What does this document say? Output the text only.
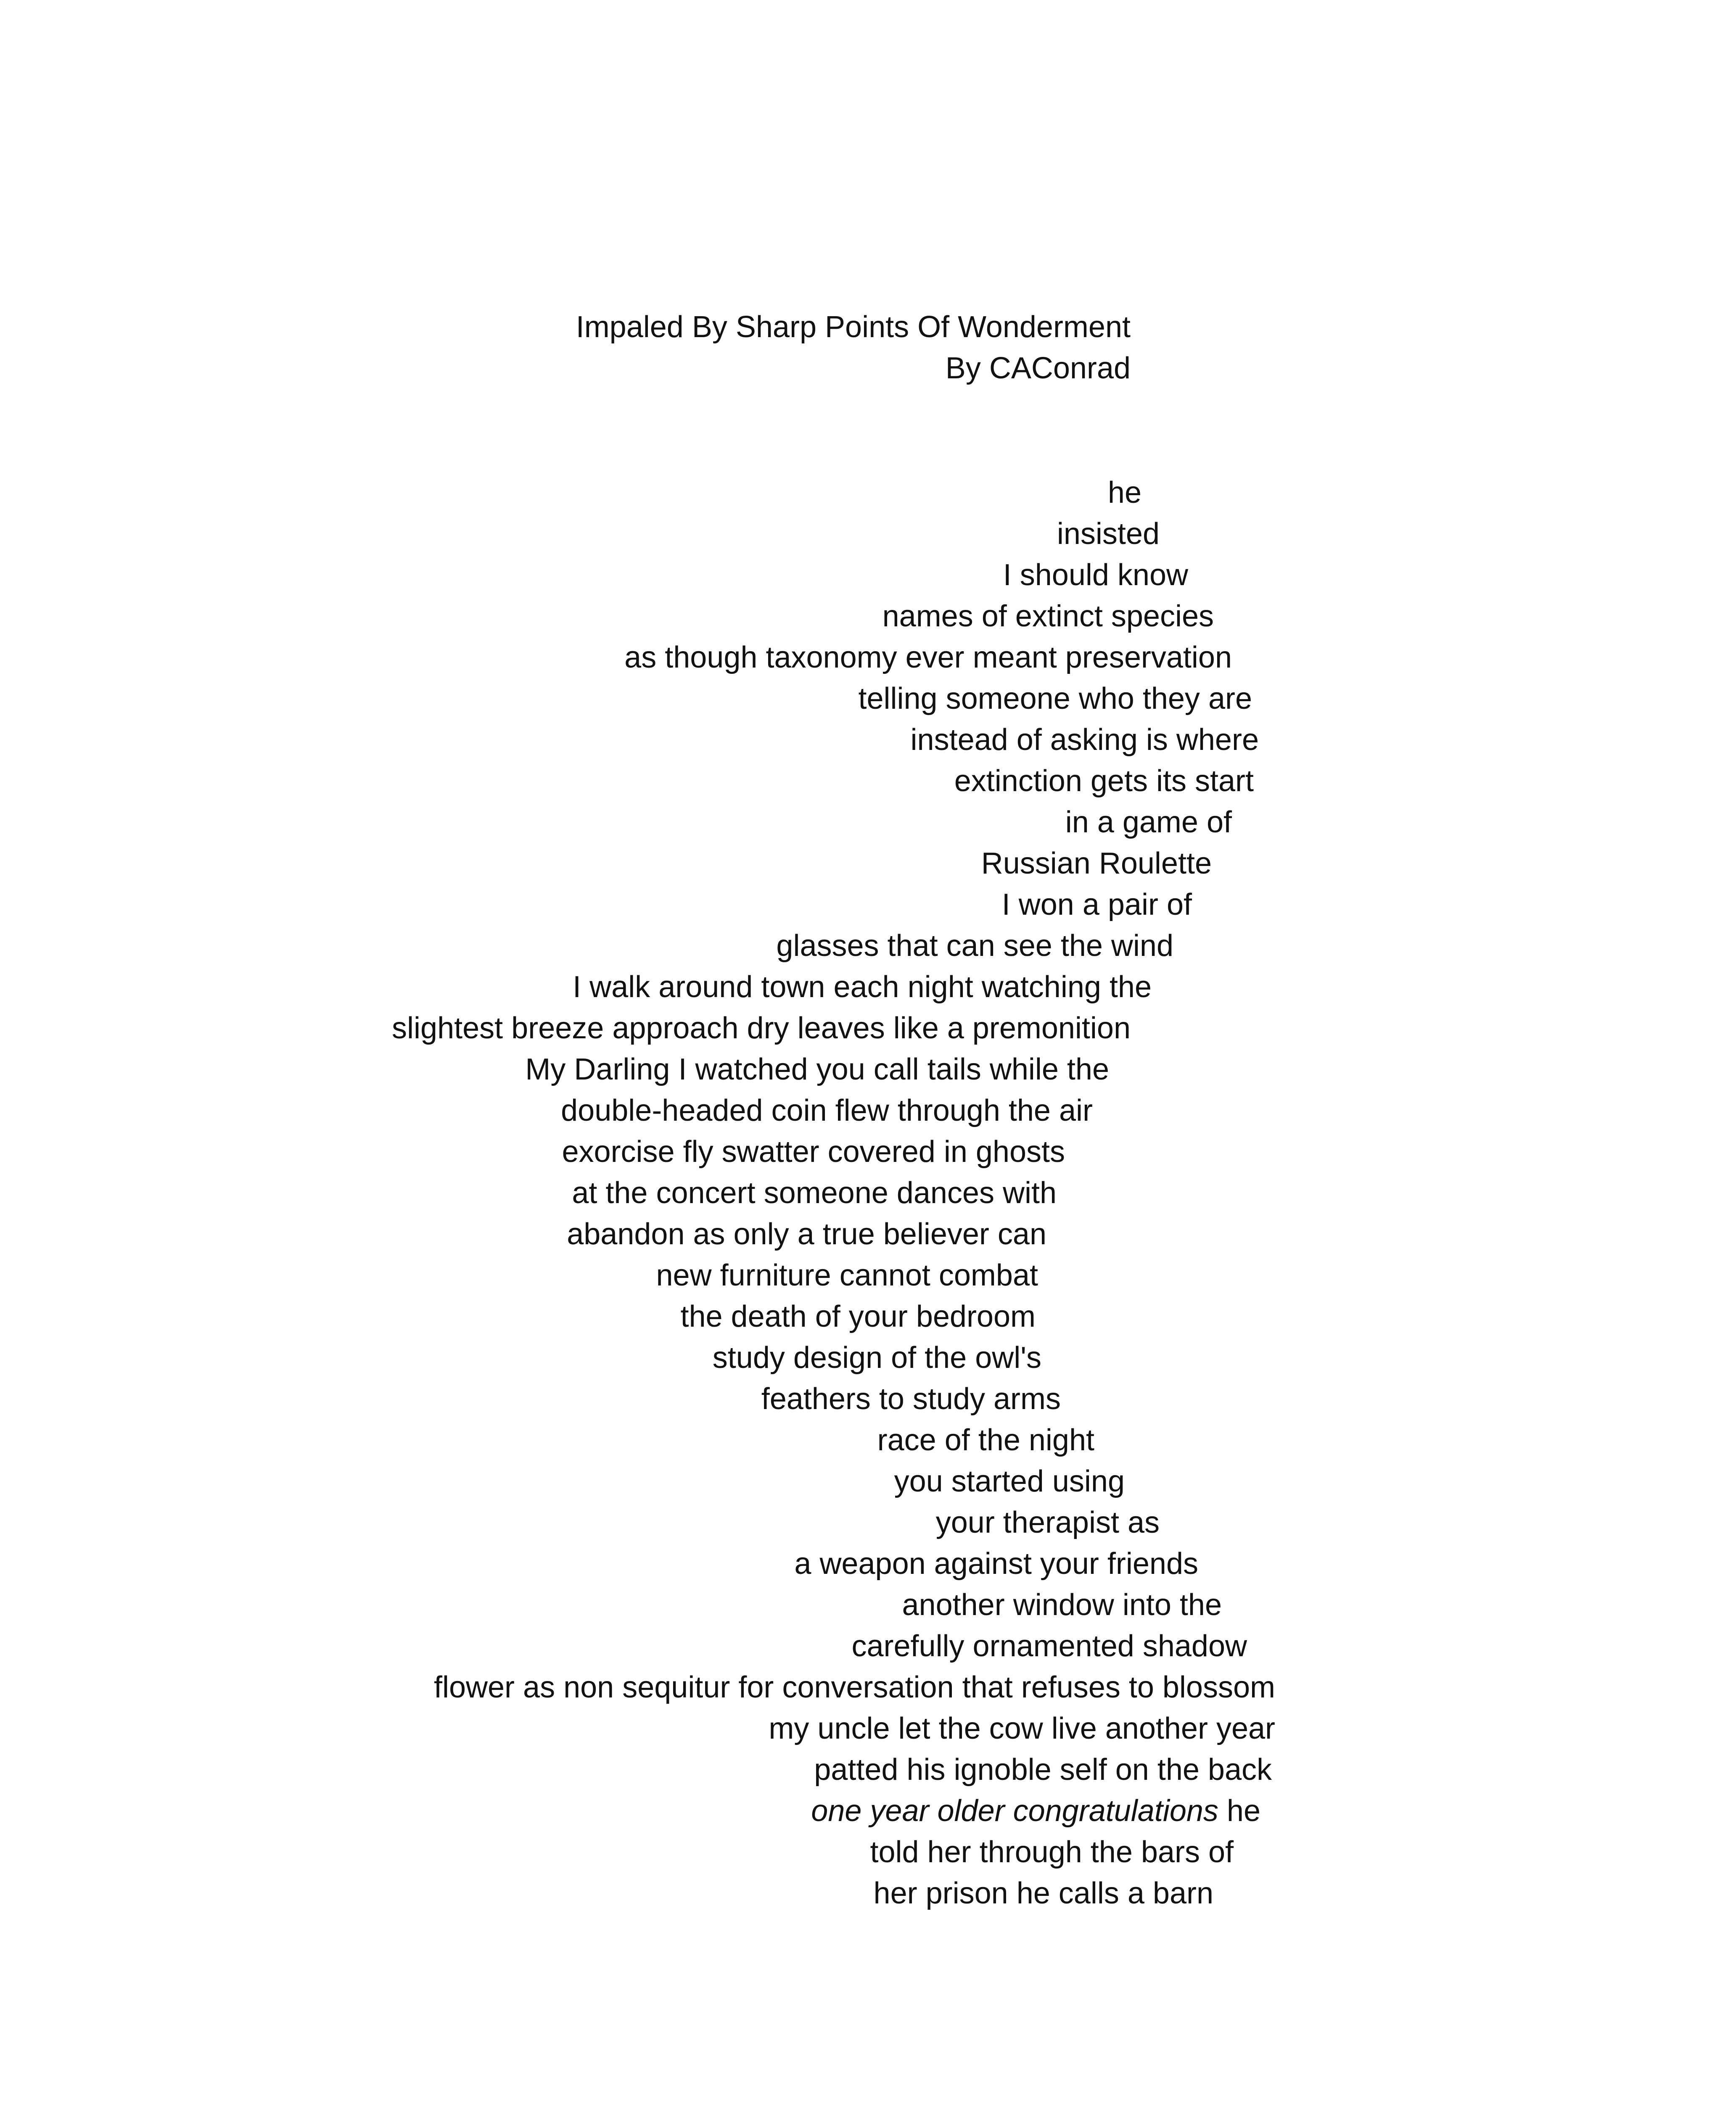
Impaled By Sharp Points Of Wonderment

By CAConrad

he

insisted

I should know

names of extinct species

as though taxonomy ever meant preservation

telling someone who they are

instead of asking is where

extinction gets its start

in a game of

Russian Roulette

I won a pair of

glasses that can see the wind

I walk around town each night watching the

slightest breeze approach dry leaves like a premonition

My Darling I watched you call tails while the

double-headed coin flew through the air

exorcise fly swatter covered in ghosts

at the concert someone dances with

abandon as only a true believer can

new furniture cannot combat

the death of your bedroom

study design of the owl's

feathers to study arms

race of the night

you started using

your therapist as

a weapon against your friends

another window into the

carefully ornamented shadow

flower as non sequitur for conversation that refuses to blossom

my uncle let the cow live another year

patted his ignoble self on the back

one year older congratulations he

told her through the bars of

her prison he calls a barn
